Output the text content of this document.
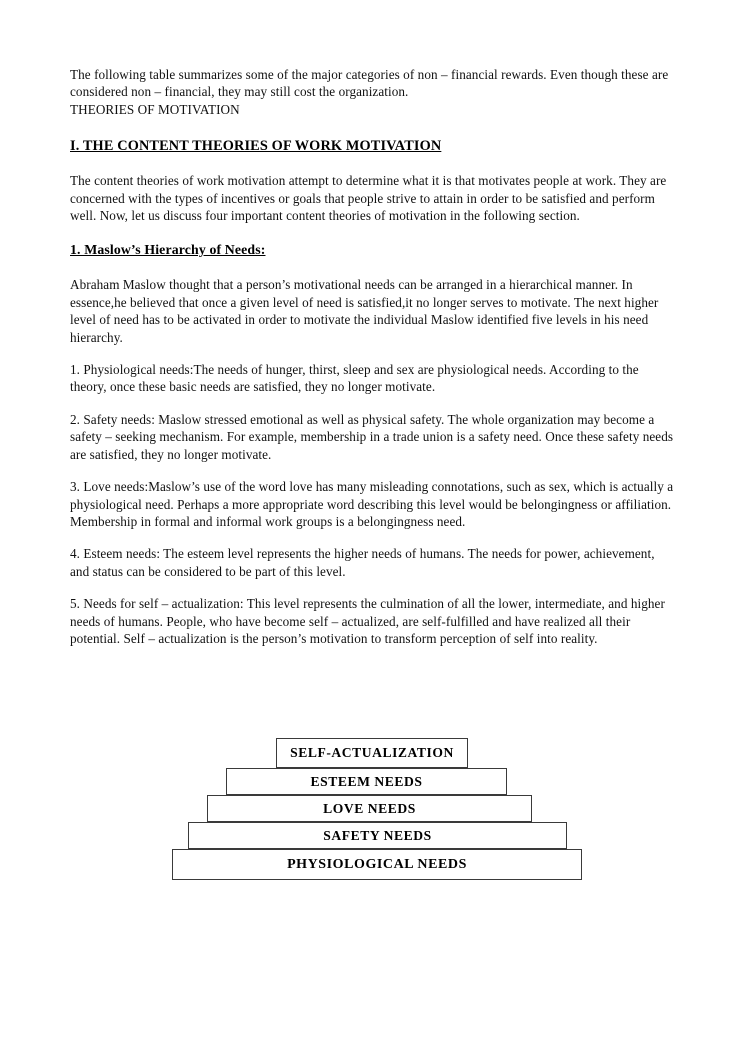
The following table summarizes some of the major categories of non – financial rewards. Even though these are considered non – financial, they may still cost the organization.

THEORIES OF MOTIVATION

I. THE CONTENT THEORIES OF WORK MOTIVATION

The content theories of work motivation attempt to determine what it is that motivates people at work. They are concerned with the types of incentives or goals that people strive to attain in order to be satisfied and perform well. Now, let us discuss four important content theories of motivation in the following section.

1. Maslow’s Hierarchy of Needs:

Abraham Maslow thought that a person’s motivational needs can be arranged in a hierarchical manner. In essence,he believed that once a given level of need is satisfied,it no longer serves to motivate. The next higher level of need has to be activated in order to motivate the individual Maslow identified five levels in his need hierarchy.

1. Physiological needs:The needs of hunger, thirst, sleep and sex are physiological needs. According to the theory, once these basic needs are satisfied, they no longer motivate.

2. Safety needs: Maslow stressed emotional as well as physical safety. The whole organization may become a safety – seeking mechanism. For example, membership in a trade union is a safety need. Once these safety needs are satisfied, they no longer motivate.

3. Love needs:Maslow’s use of the word love has many misleading connotations, such as sex, which is actually a physiological need. Perhaps a more appropriate word describing this level would be belongingness or affiliation. Membership in formal and informal work groups is a belongingness need.

4. Esteem needs: The esteem level represents the higher needs of humans. The needs for power, achievement, and status can be considered to be part of this level.

5. Needs for self – actualization: This level represents the culmination of all the lower, intermediate, and higher needs of humans. People, who have become self – actualized, are self-fulfilled and have realized all their potential. Self – actualization is the person’s motivation to transform perception of self into reality.

SELF-ACTUALIZATION
ESTEEM NEEDS
LOVE NEEDS
SAFETY NEEDS
PHYSIOLOGICAL NEEDS
